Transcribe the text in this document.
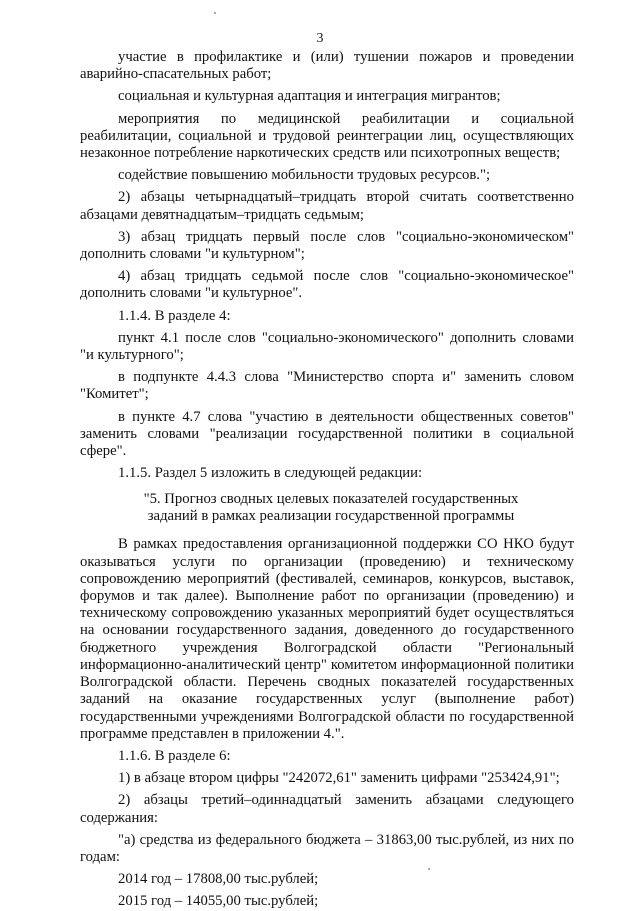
3

участие в профилактике и (или) тушении пожаров и проведении аварийно-спасательных работ;

социальная и культурная адаптация и интеграция мигрантов;

мероприятия по медицинской реабилитации и социальной реабилитации, социальной и трудовой реинтеграции лиц, осуществляющих незаконное потребление наркотических средств или психотропных веществ;

содействие повышению мобильности трудовых ресурсов.";

2) абзацы четырнадцатый–тридцать второй считать соответственно абзацами девятнадцатым–тридцать седьмым;

3) абзац тридцать первый после слов "социально-экономическом" дополнить словами "и культурном";

4) абзац тридцать седьмой после слов "социально-экономическое" дополнить словами "и культурное".

1.1.4. В разделе 4:

пункт 4.1 после слов "социально-экономического" дополнить словами "и культурного";

в подпункте 4.4.3 слова "Министерство спорта и" заменить словом "Комитет";

в пункте 4.7 слова "участию в деятельности общественных советов" заменить словами "реализации государственной политики в социальной сфере".

1.1.5. Раздел 5 изложить в следующей редакции:

"5. Прогноз сводных целевых показателей государственных
заданий в рамках реализации государственной программы

В рамках предоставления организационной поддержки СО НКО будут оказываться услуги по организации (проведению) и техническому сопровождению мероприятий (фестивалей, семинаров, конкурсов, выставок, форумов и так далее). Выполнение работ по организации (проведению) и техническому сопровождению указанных мероприятий будет осуществляться на основании государственного задания, доведенного до государственного бюджетного учреждения Волгоградской области "Региональный информационно-аналитический центр" комитетом информационной политики Волгоградской области. Перечень сводных показателей государственных заданий на оказание государственных услуг (выполнение работ) государственными учреждениями Волгоградской области по государственной программе представлен в приложении 4.".

1.1.6. В разделе 6:

1) в абзаце втором цифры "242072,61" заменить цифрами "253424,91";

2) абзацы третий–одиннадцатый заменить абзацами следующего содержания:

"а) средства из федерального бюджета – 31863,00 тыс.рублей, из них по годам:

2014 год – 17808,00 тыс.рублей;

2015 год – 14055,00 тыс.рублей;
